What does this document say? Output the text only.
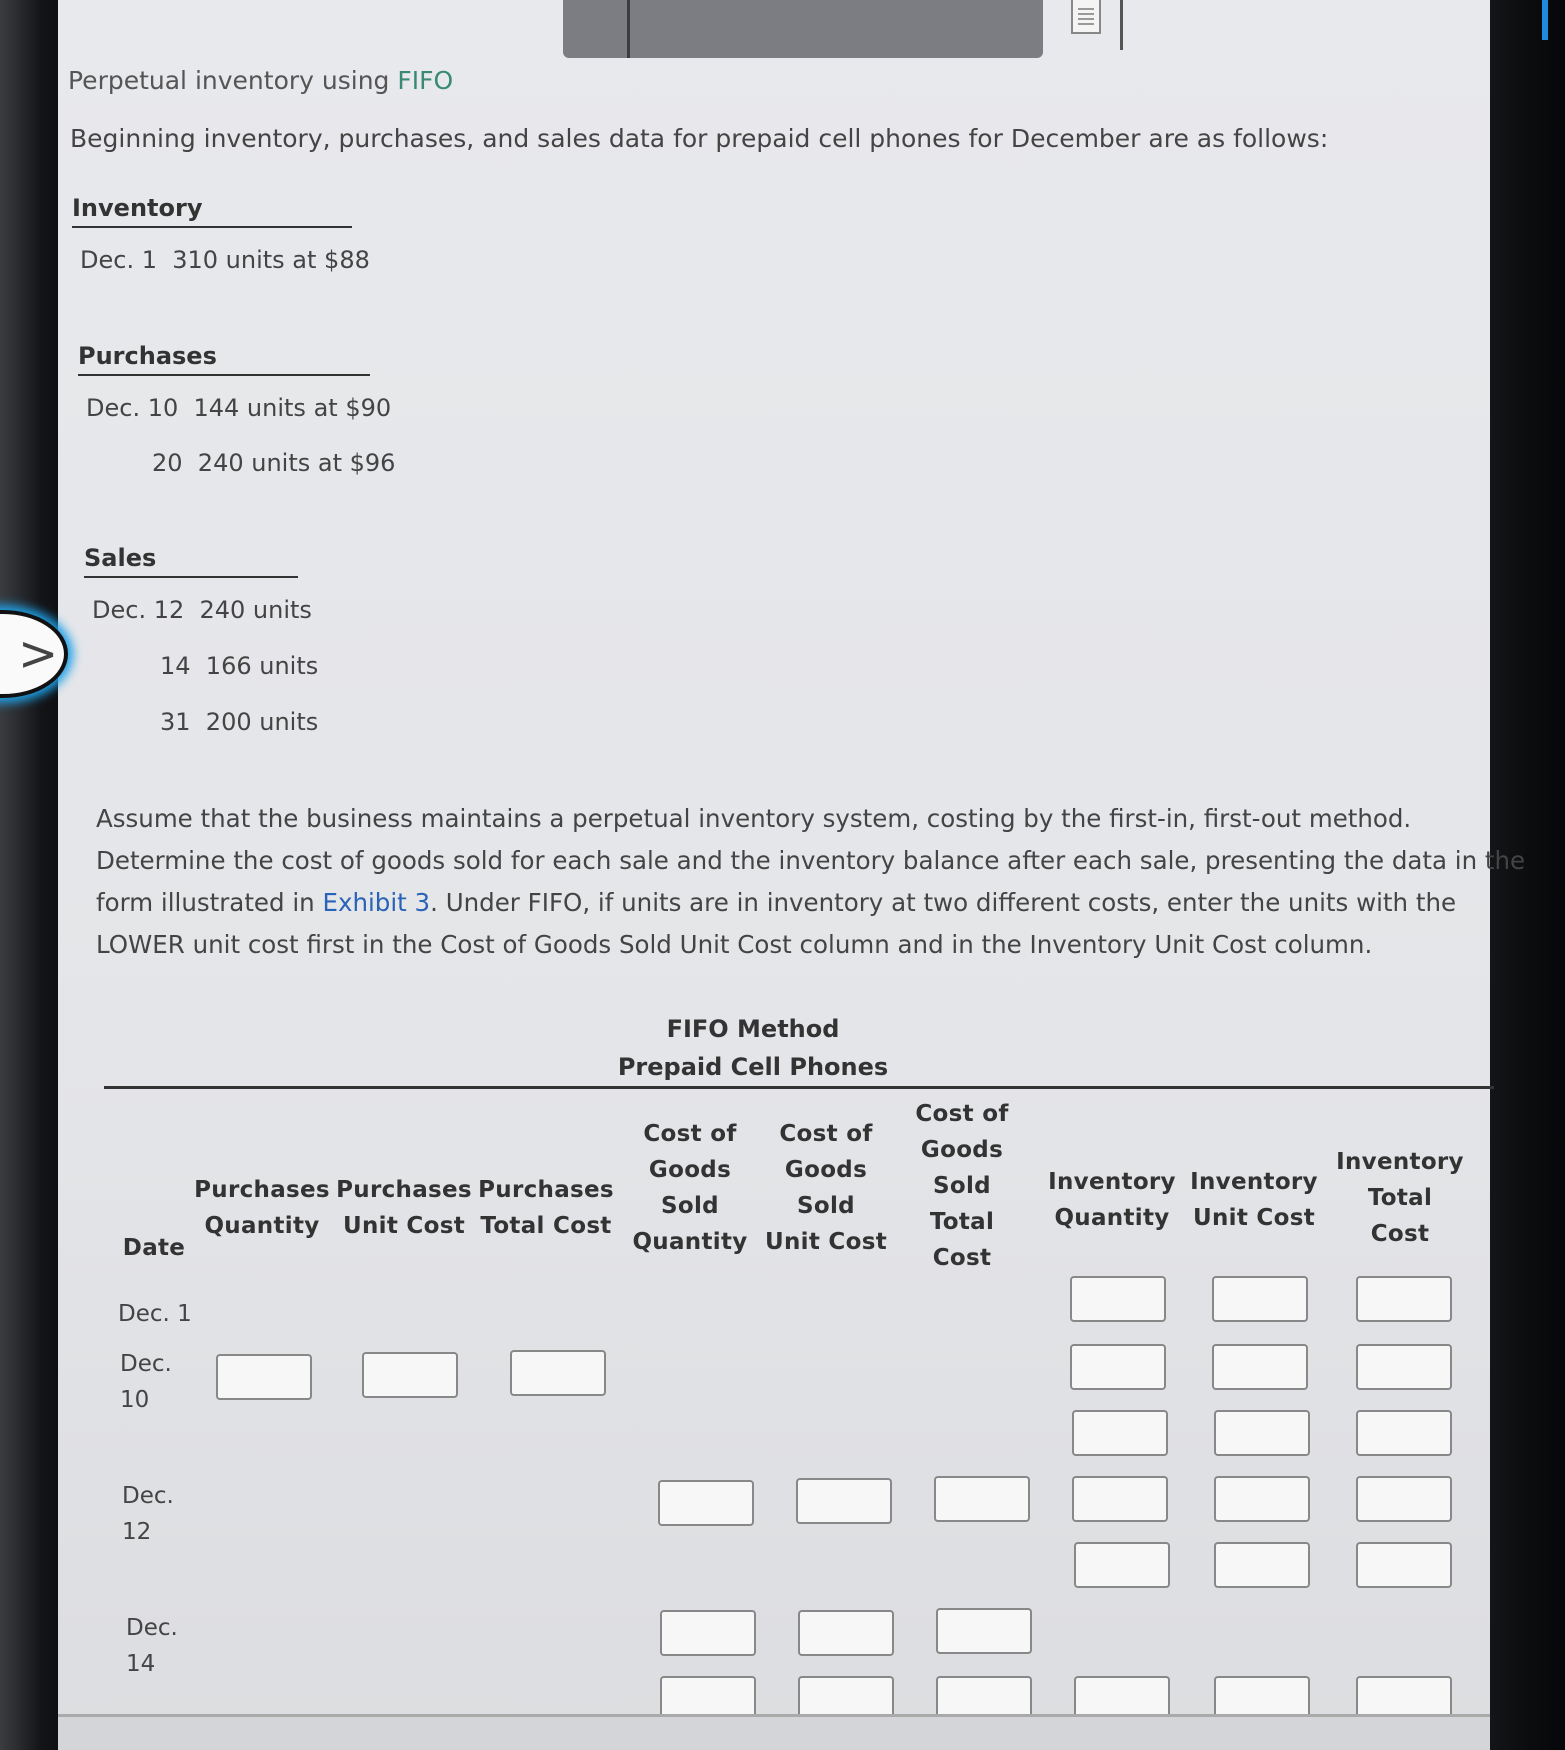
Perpetual inventory using FIFO
Beginning inventory, purchases, and sales data for prepaid cell phones for December are as follows:
Inventory
Dec. 1  310 units at $88
Purchases
Dec. 10  144 units at $90
20  240 units at $96
Sales
Dec. 12  240 units
14  166 units
31  200 units
Assume that the business maintains a perpetual inventory system, costing by the first-in, first-out method. Determine the cost of goods sold for each sale and the inventory balance after each sale, presenting the data in the form illustrated in Exhibit 3. Under FIFO, if units are in inventory at two different costs, enter the units with the LOWER unit cost first in the Cost of Goods Sold Unit Cost column and in the Inventory Unit Cost column.
FIFO Method
Prepaid Cell Phones
Date
Purchases
Quantity
Purchases
Unit Cost
Purchases
Total Cost
Cost of
Goods
Sold
Quantity
Cost of
Goods
Sold
Unit Cost
Cost of
Goods
Sold
Total
Cost
Inventory
Quantity
Inventory
Unit Cost
Inventory
Total
Cost
Dec. 1
Dec.
10
Dec.
12
Dec.
14
>
